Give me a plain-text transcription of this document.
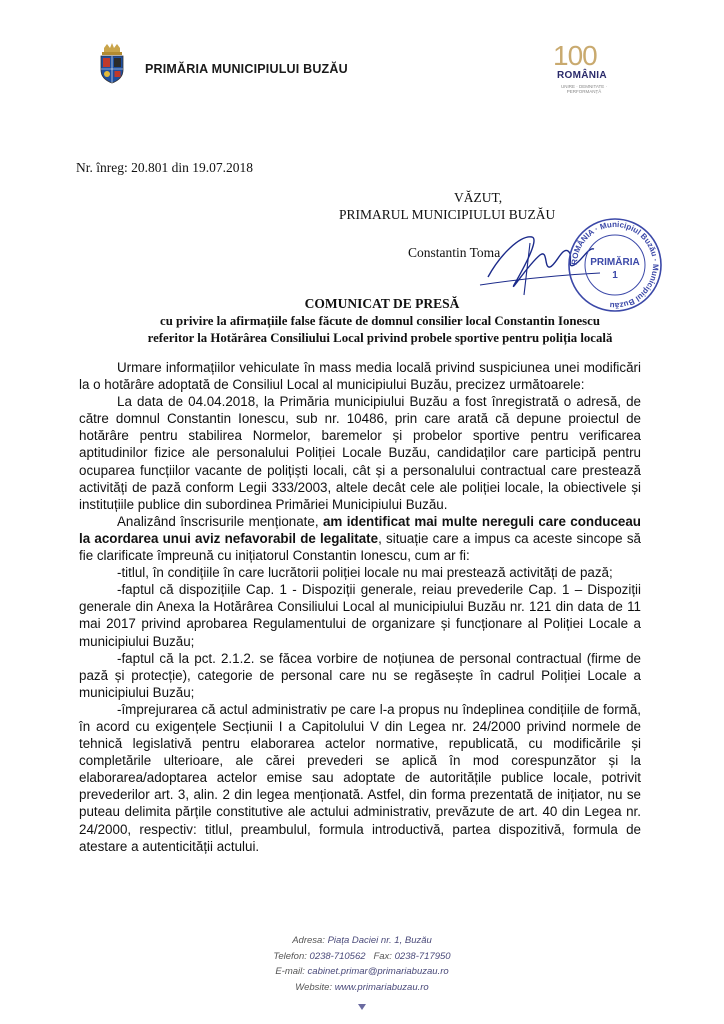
PRIMĂRIA MUNICIPIULUI BUZĂU	100
ROMÂNIA
UNIRE · DEMNITATE · PERFORMANȚĂ
Nr. înreg: 20.801 din 19.07.2018
VĂZUT,
PRIMARUL MUNICIPIULUI BUZĂU
Constantin Toma
ROMÂNIA · Municipiul Buzău · Municipiul Buzău
PRIMĂRIA
1
COMUNICAT DE PRESĂ
cu privire la afirmațiile false făcute de domnul consilier local Constantin Ionescu
referitor la Hotărârea Consiliului Local privind probele sportive pentru poliția locală

Urmare informațiilor vehiculate în mass media locală privind suspiciunea unei modificări la o hotărâre adoptată de Consiliul Local al municipiului Buzău, precizez următoarele:

La data de 04.04.2018, la Primăria municipiului Buzău a fost înregistrată o adresă, de către domnul Constantin Ionescu, sub nr. 10486, prin care arată că depune proiectul de hotărâre pentru stabilirea Normelor, baremelor și probelor sportive pentru verificarea aptitudinilor fizice ale personalului Poliției Locale Buzău, candidaților care participă pentru ocuparea funcțiilor vacante de polițiști locali, cât și a personalului contractual care prestează activități de pază conform Legii 333/2003, altele decât cele ale poliției locale, la obiectivele și instituțiile publice din subordinea Primăriei Municipiului Buzău.

Analizând înscrisurile menționate, am identificat mai multe nereguli care conduceau la acordarea unui aviz nefavorabil de legalitate, situație care a impus ca aceste sincope să fie clarificate împreună cu inițiatorul Constantin Ionescu, cum ar fi:

-titlul, în condițiile în care lucrătorii poliției locale nu mai prestează activități de pază;

-faptul că dispozițiile Cap. 1 - Dispoziții generale, reiau prevederile Cap. 1 – Dispoziții generale din Anexa la Hotărârea Consiliului Local al municipiului Buzău nr. 121 din data de 11 mai 2017 privind aprobarea Regulamentului de organizare și funcționare al Poliției Locale a municipiului Buzău;

-faptul că la pct. 2.1.2. se făcea vorbire de noțiunea de personal contractual (firme de pază și protecție), categorie de personal care nu se regăsește în cadrul Poliției Locale a municipiului Buzău;

-împrejurarea că actul administrativ pe care l-a propus nu îndeplinea condițiile de formă, în acord cu exigențele Secțiunii I a Capitolului V din Legea nr. 24/2000 privind normele de tehnică legislativă pentru elaborarea actelor normative, republicată, cu modificările și completările ulterioare, ale cărei prevederi se aplică în mod corespunzător și la elaborarea/adoptarea actelor emise sau adoptate de autoritățile publice locale, potrivit prevederilor art. 3, alin. 2 din legea menționată. Astfel, din forma prezentată de inițiator, nu se puteau delimita părțile constitutive ale actului administrativ, prevăzute de art. 40 din Legea nr. 24/2000, respectiv: titlul, preambulul, formula introductivă, partea dispozitivă, formula de atestare a autenticității actului.

Adresa: Piața Daciei nr. 1, Buzău
Telefon: 0238-710562 Fax: 0238-717950
E-mail: cabinet.primar@primariabuzau.ro
Website: www.primariabuzau.ro
